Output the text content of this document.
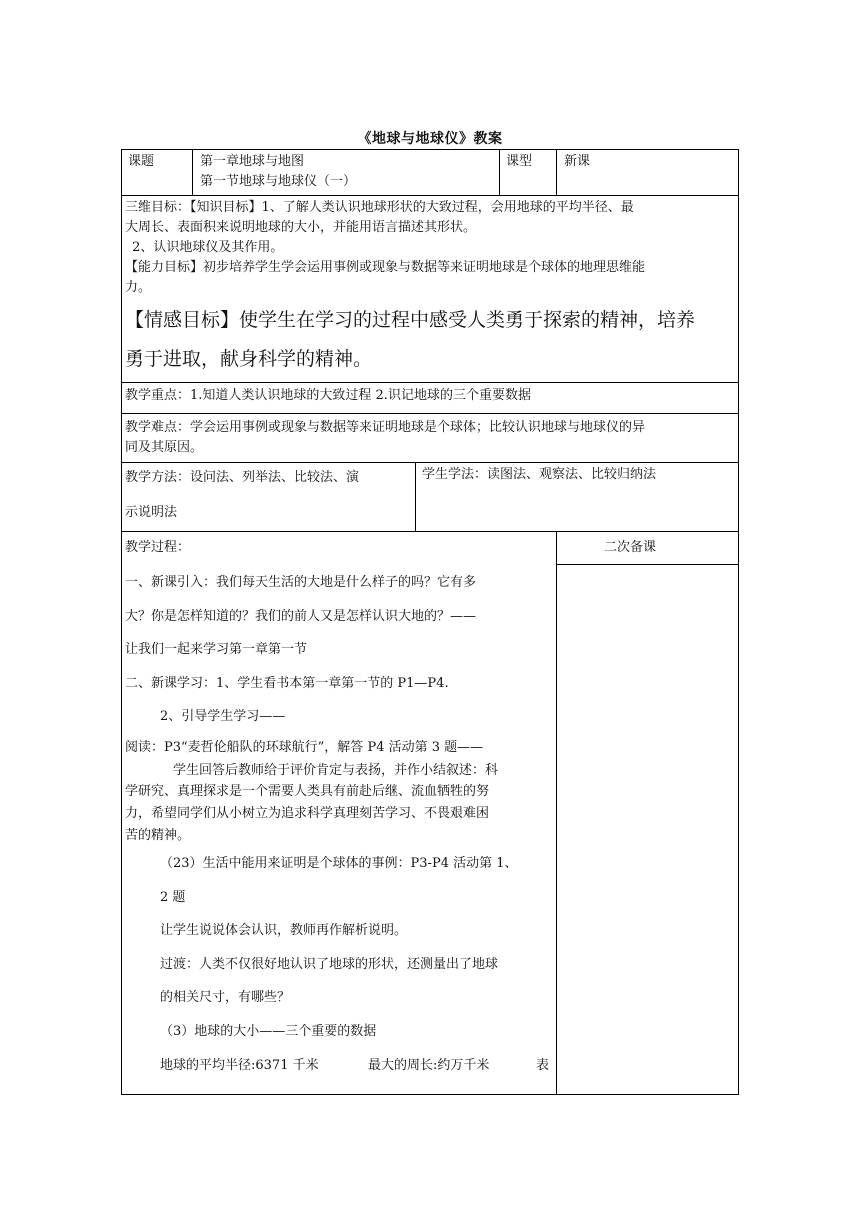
《地球与地球仪》教案
课题	第一章地球与地图
第一节地球与地球仪（一）
课型 新课
三维目标：【知识目标】1、了解人类认识地球形状的大致过程，会用地球的平均半径、最
大周长、表面积来说明地球的大小，并能用语言描述其形状。
2、认识地球仪及其作用。
【能力目标】初步培养学生学会运用事例或现象与数据等来证明地球是个球体的地理思维能
力。
【情感目标】使学生在学习的过程中感受人类勇于探索的精神，培养
勇于进取，献身科学的精神。
教学重点：1.知道人类认识地球的大致过程 2.识记地球的三个重要数据
教学难点：学会运用事例或现象与数据等来证明地球是个球体；比较认识地球与地球仪的异
同及其原因。
教学方法：设问法、列举法、比较法、演
示说明法
学生学法：读图法、观察法、比较归纳法
教学过程：	二次备课
一、新课引入：我们每天生活的大地是什么样子的吗？它有多
大？你是怎样知道的？我们的前人又是怎样认识大地的？——
让我们一起来学习第一章第一节
二、新课学习：1、学生看书本第一章第一节的 P1—P4.
2、引导学生学习——
阅读：P3“麦哲伦船队的环球航行”，解答 P4 活动第 3 题——
学生回答后教师给于评价肯定与表扬，并作小结叙述：科
学研究、真理探求是一个需要人类具有前赴后继、流血牺牲的努
力，希望同学们从小树立为追求科学真理刻苦学习、不畏艰难困
苦的精神。
（23）生活中能用来证明是个球体的事例：P3-P4 活动第 1、
2 题
让学生说说体会认识，教师再作解析说明。
过渡：人类不仅很好地认识了地球的形状，还测量出了地球
的相关尺寸，有哪些？
（3）地球的大小——三个重要的数据
地球的平均半径:6371 千米	最大的周长:约万千米	表
